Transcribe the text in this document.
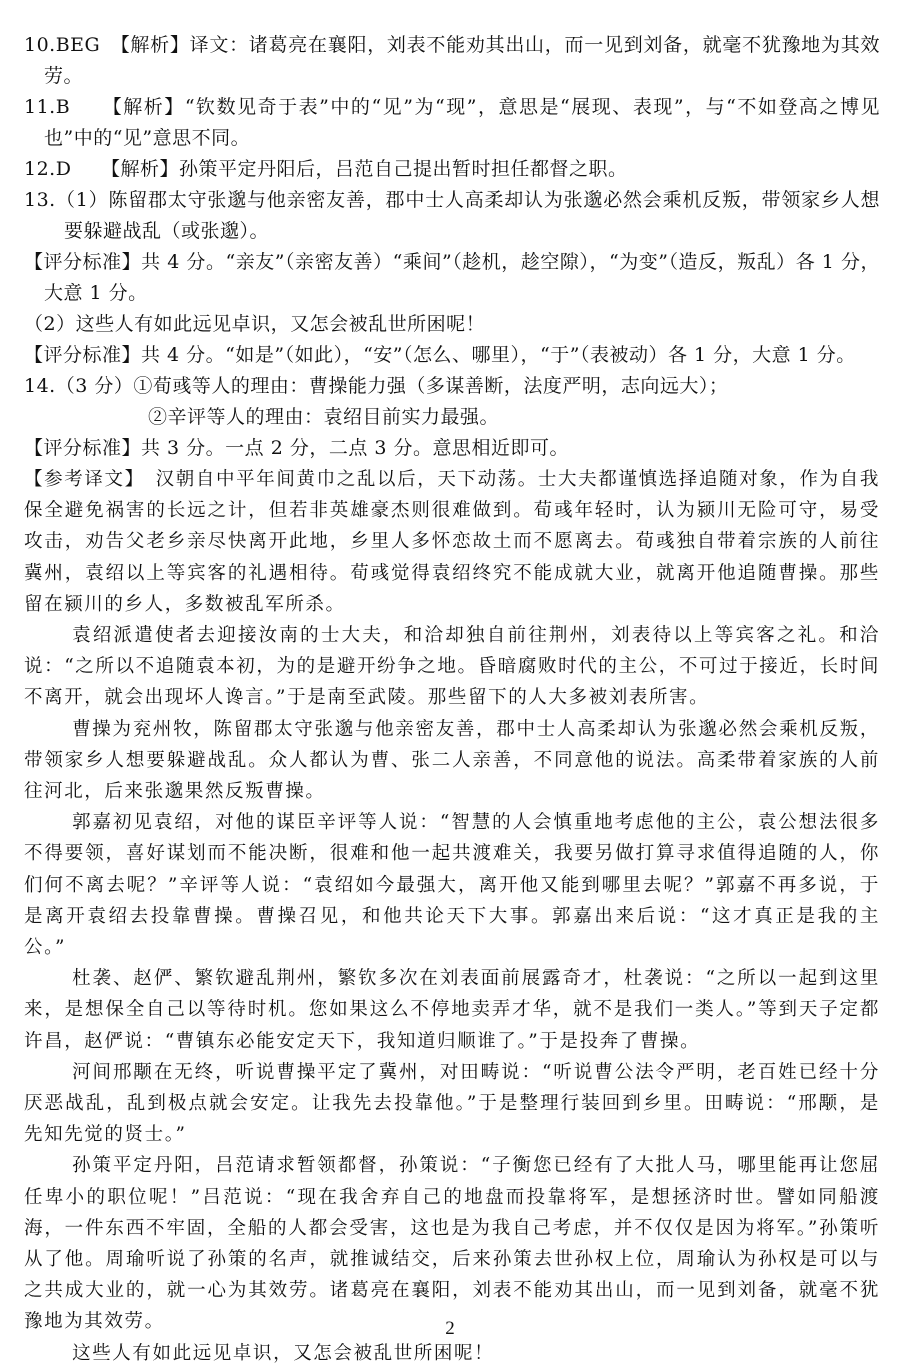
10.BEG　【解析】译文：诸葛亮在襄阳，刘表不能劝其出山，而一见到刘备，就毫不犹豫地为其效劳。

11.B　　【解析】“钦数见奇于表”中的“见”为“现”，意思是“展现、表现”，与“不如登高之博见也”中的“见”意思不同。

12.D　　【解析】孙策平定丹阳后，吕范自己提出暂时担任都督之职。

13.（1）陈留郡太守张邈与他亲密友善，郡中士人高柔却认为张邈必然会乘机反叛，带领家乡人想要躲避战乱（或张邈）。

【评分标准】共 4 分。“亲友”（亲密友善）“乘间”（趁机，趁空隙），“为变”（造反，叛乱）各 1 分，大意 1 分。

（2）这些人有如此远见卓识，又怎会被乱世所困呢！

【评分标准】共 4 分。“如是”（如此），“安”（怎么、哪里），“于”（表被动）各 1 分，大意 1 分。

14.（3 分）①荀彧等人的理由：曹操能力强（多谋善断，法度严明，志向远大）；

②辛评等人的理由：袁绍目前实力最强。

【评分标准】共 3 分。一点 2 分，二点 3 分。意思相近即可。

【参考译文】　汉朝自中平年间黄巾之乱以后，天下动荡。士大夫都谨慎选择追随对象，作为自我保全避免祸害的长远之计，但若非英雄豪杰则很难做到。荀彧年轻时，认为颍川无险可守，易受攻击，劝告父老乡亲尽快离开此地，乡里人多怀恋故土而不愿离去。荀彧独自带着宗族的人前往冀州，袁绍以上等宾客的礼遇相待。荀彧觉得袁绍终究不能成就大业，就离开他追随曹操。那些留在颍川的乡人，多数被乱军所杀。

袁绍派遣使者去迎接汝南的士大夫，和洽却独自前往荆州，刘表待以上等宾客之礼。和洽说：“之所以不追随袁本初，为的是避开纷争之地。昏暗腐败时代的主公，不可过于接近，长时间不离开，就会出现坏人谗言。”于是南至武陵。那些留下的人大多被刘表所害。

曹操为兖州牧，陈留郡太守张邈与他亲密友善，郡中士人高柔却认为张邈必然会乘机反叛，带领家乡人想要躲避战乱。众人都认为曹、张二人亲善，不同意他的说法。高柔带着家族的人前往河北，后来张邈果然反叛曹操。

郭嘉初见袁绍，对他的谋臣辛评等人说：“智慧的人会慎重地考虑他的主公，袁公想法很多不得要领，喜好谋划而不能决断，很难和他一起共渡难关，我要另做打算寻求值得追随的人，你们何不离去呢？”辛评等人说：“袁绍如今最强大，离开他又能到哪里去呢？”郭嘉不再多说，于是离开袁绍去投靠曹操。曹操召见，和他共论天下大事。郭嘉出来后说：“这才真正是我的主公。”

杜袭、赵俨、繁钦避乱荆州，繁钦多次在刘表面前展露奇才，杜袭说：“之所以一起到这里来，是想保全自己以等待时机。您如果这么不停地卖弄才华，就不是我们一类人。”等到天子定都许昌，赵俨说：“曹镇东必能安定天下，我知道归顺谁了。”于是投奔了曹操。

河间邢颙在无终，听说曹操平定了冀州，对田畴说：“听说曹公法令严明，老百姓已经十分厌恶战乱，乱到极点就会安定。让我先去投靠他。”于是整理行装回到乡里。田畴说：“邢颙，是先知先觉的贤士。”

孙策平定丹阳，吕范请求暂领都督，孙策说：“子衡您已经有了大批人马，哪里能再让您屈任卑小的职位呢！”吕范说：“现在我舍弃自己的地盘而投靠将军，是想拯济时世。譬如同船渡海，一件东西不牢固，全船的人都会受害，这也是为我自己考虑，并不仅仅是因为将军。”孙策听从了他。周瑜听说了孙策的名声，就推诚结交，后来孙策去世孙权上位，周瑜认为孙权是可以与之共成大业的，就一心为其效劳。诸葛亮在襄阳，刘表不能劝其出山，而一见到刘备，就毫不犹豫地为其效劳。

这些人有如此远见卓识，又怎会被乱世所困呢！

2
